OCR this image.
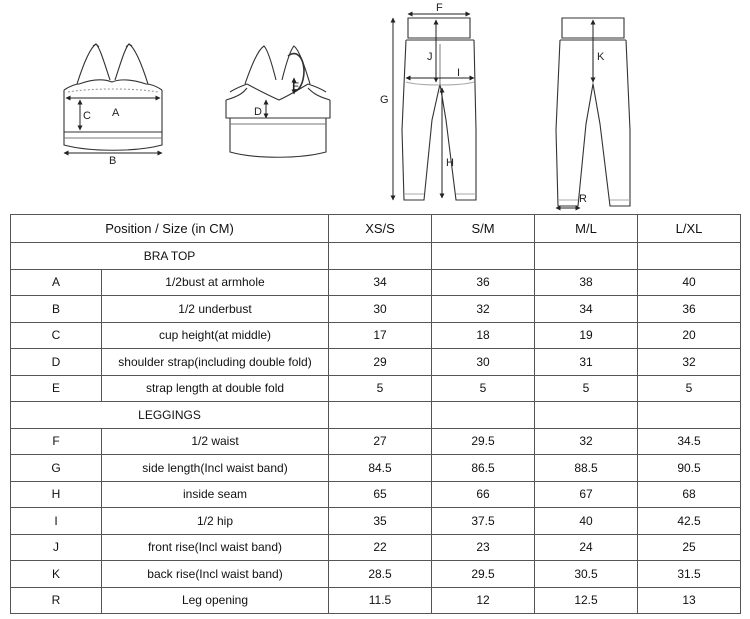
A
C
B
D
E
F
G
H
I
J	K
R
Position / Size (in CM)		XS/S	S/M	M/L	L/XL
BRA TOP					
A	1/2bust at armhole	34	36	38	40
B	1/2 underbust	30	32	34	36
C	cup height(at middle)	17	18	19	20
D	shoulder strap(including double fold)	29	30	31	32
E	strap length at double fold	5	5	5	5
LEGGINGS					
F	1/2 waist	27	29.5	32	34.5
G	side length(Incl waist band)	84.5	86.5	88.5	90.5
H	inside seam	65	66	67	68
I	1/2 hip	35	37.5	40	42.5
J	front rise(Incl waist band)	22	23	24	25
K	back rise(Incl waist band)	28.5	29.5	30.5	31.5
R	Leg opening	11.5	12	12.5	13
